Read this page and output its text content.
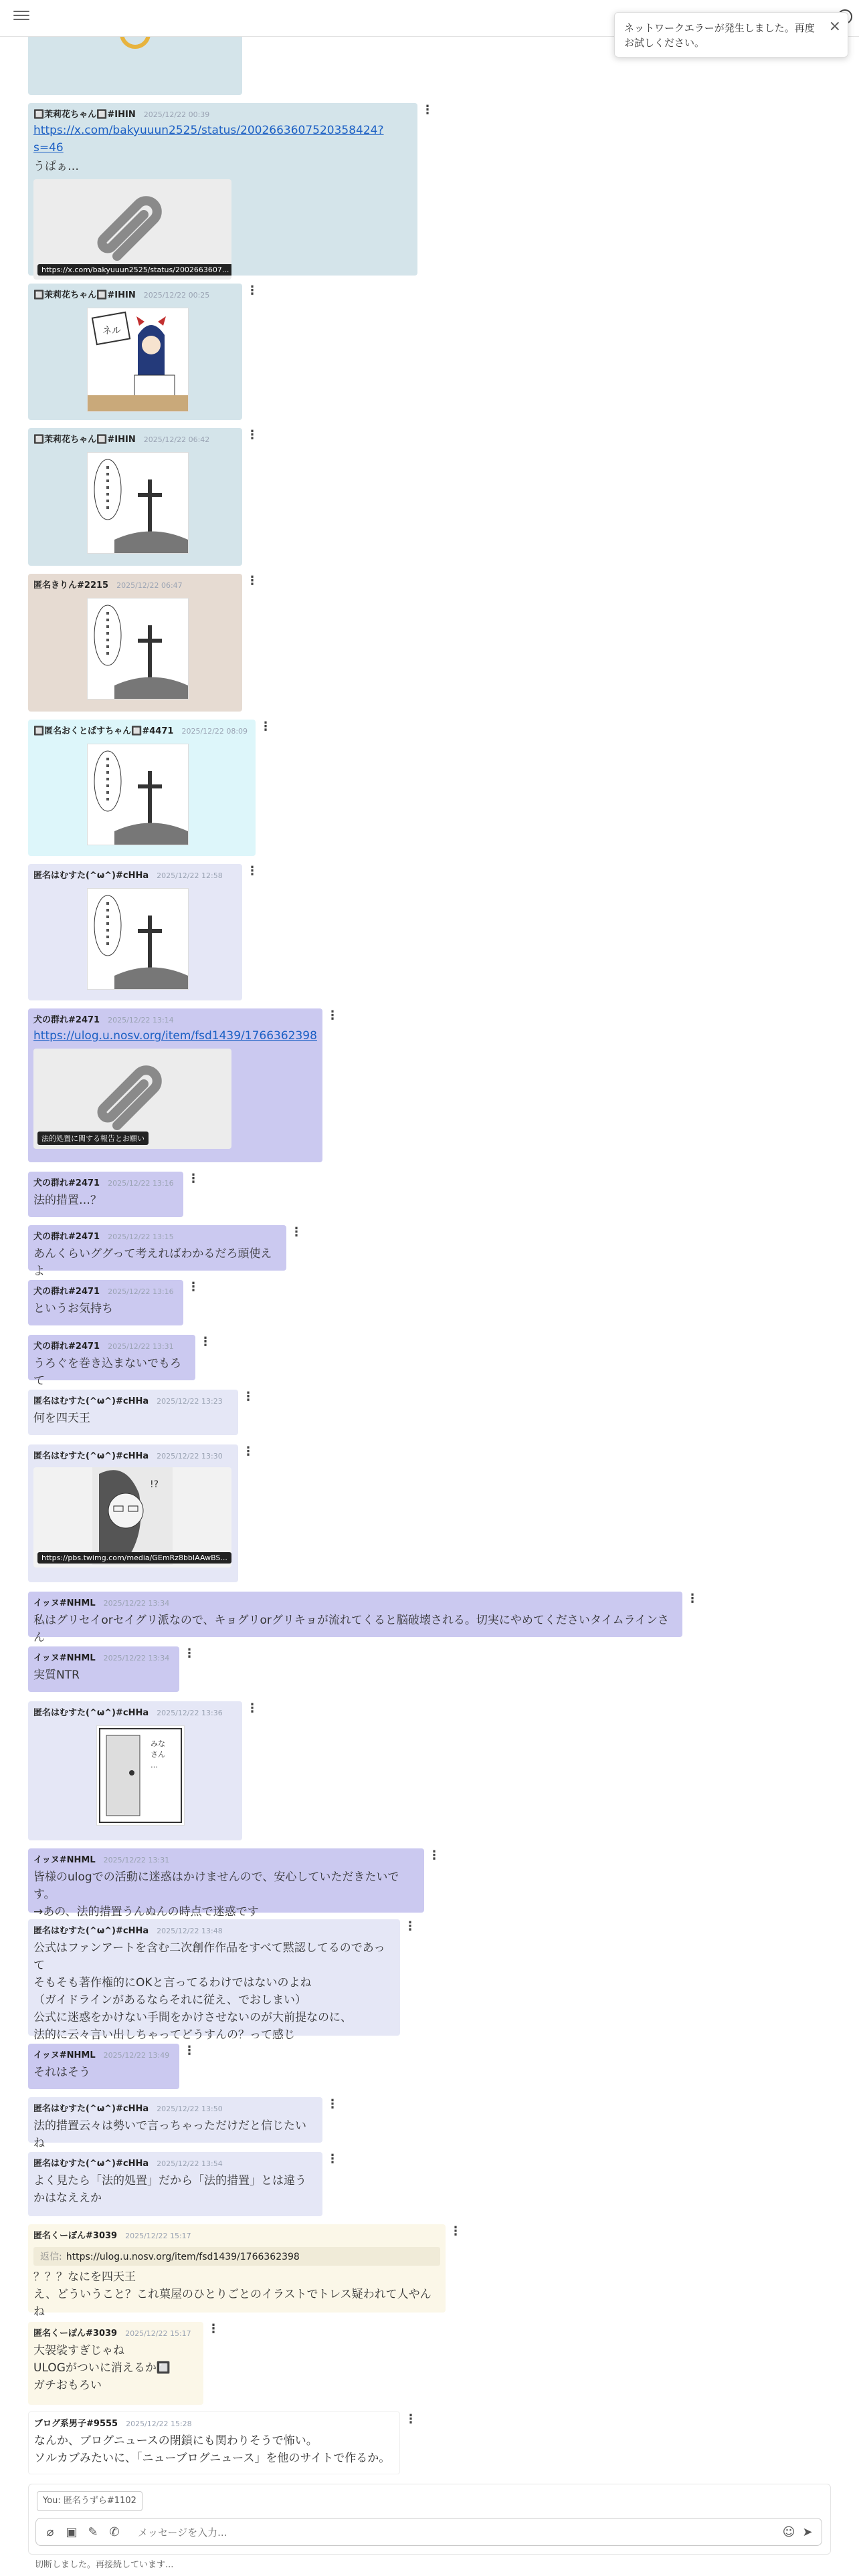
ネットワークエラーが発生しました。再度お試しください。
×
🔲茉莉花ちゃん🔲#IHIN 2025/12/22 00:39
https://x.com/bakyuuun2525/status/2002663607520358424?s=46
うぱぁ…
https://x.com/bakyuuun2525/status/2002663607...
⋮
🔲茉莉花ちゃん🔲#IHIN 2025/12/22 00:25
ネル
⋮
🔲茉莉花ちゃん🔲#IHIN 2025/12/22 06:42	⋮
匿名きりん#2215 2025/12/22 06:47	⋮
🔲匿名おくとぱすちゃん🔲#4471 2025/12/22 08:09 ⋮
匿名はむすた(^ω^)#cHHa 2025/12/22 12:58	⋮
犬の群れ#2471 2025/12/22 13:14
https://ulog.u.nosv.org/item/fsd1439/1766362398
法的処置に関する報告とお願い
⋮
犬の群れ#2471 2025/12/22 13:16
法的措置…？
⋮
犬の群れ#2471 2025/12/22 13:15
あんくらいググって考えればわかるだろ頭使えよ
⋮
犬の群れ#2471 2025/12/22 13:16
というお気持ち
⋮
犬の群れ#2471 2025/12/22 13:31
うろぐを巻き込まないでもろて
⋮
匿名はむすた(^ω^)#cHHa 2025/12/22 13:23
何を四天王
⋮
匿名はむすた(^ω^)#cHHa 2025/12/22 13:30
!?
https://pbs.twimg.com/media/GEmRz8bbIAAwBS...
⋮
イッヌ#NHML 2025/12/22 13:34
私はグリセイorセイグリ派なので、キョグリorグリキョが流れてくると脳破壊される。切実にやめてくださいタイムラインさん
⋮
イッヌ#NHML 2025/12/22 13:34
実質NTR
⋮
匿名はむすた(^ω^)#cHHa 2025/12/22 13:36
みな
さん
…
⋮
イッヌ#NHML 2025/12/22 13:31
皆様のulogでの活動に迷惑はかけませんので、安心していただきたいです。
→あの、法的措置うんぬんの時点で迷惑です
⋮
匿名はむすた(^ω^)#cHHa 2025/12/22 13:48
公式はファンアートを含む二次創作作品をすべて黙認してるのであって
そもそも著作権的にOKと言ってるわけではないのよね
（ガイドラインがあるならそれに従え、でおしまい）
公式に迷惑をかけない手間をかけさせないのが大前提なのに、
法的に云々言い出しちゃってどうすんの？って感じ
⋮
イッヌ#NHML 2025/12/22 13:49
それはそう
⋮
匿名はむすた(^ω^)#cHHa 2025/12/22 13:50
法的措置云々は勢いで言っちゃっただけだと信じたいね
⋮
匿名はむすた(^ω^)#cHHa 2025/12/22 13:54
よく見たら「法的処置」だから「法的措置」とは違うかはなええか
⋮
匿名くーぽん#3039 2025/12/22 15:17
返信: https://ulog.u.nosv.org/item/fsd1439/1766362398
？？？なにを四天王
え、どういうこと？これ菓屋のひとりごとのイラストでトレス疑われて人やんね
⋮
匿名くーぽん#3039 2025/12/22 15:17
大袈裟すぎじゃね
ULOGがついに消えるか🔲
ガチおもろい
⋮
ブログ系男子#9555 2025/12/22 15:28
なんか、ブログニュースの閉鎖にも関わりそうで怖い。
ソルカブみたいに、「ニューブログニュース」を他のサイトで作るか。
⋮
You: 匿名うずら#1102
⌀	▣ ✎ ✆
メッセージを入力...	☺ ➤
切断しました。再接続しています...
